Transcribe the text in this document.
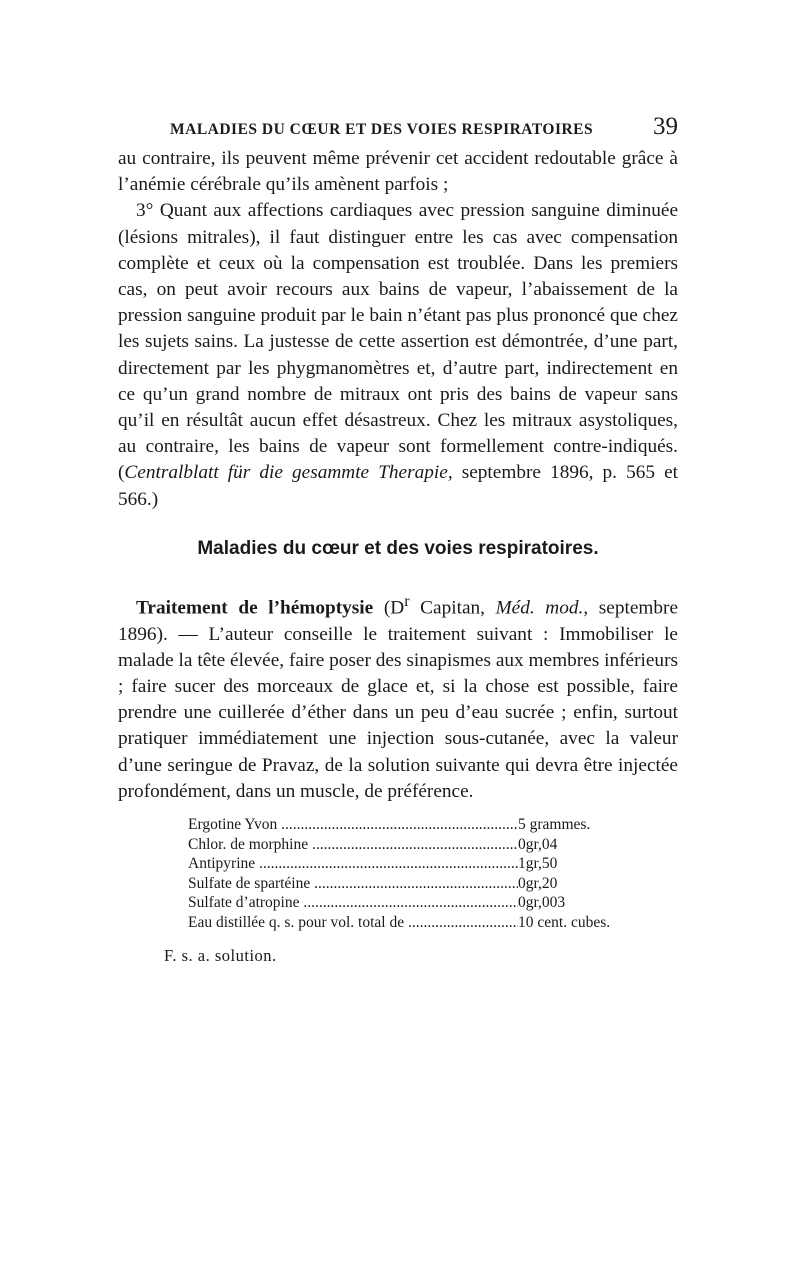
MALADIES DU CŒUR ET DES VOIES RESPIRATOIRES 39

au contraire, ils peuvent même prévenir cet accident redoutable grâce à l’anémie cérébrale qu’ils amènent parfois ;

3° Quant aux affections cardiaques avec pression sanguine diminuée (lésions mitrales), il faut distinguer entre les cas avec compensation complète et ceux où la compensation est troublée. Dans les premiers cas, on peut avoir recours aux bains de vapeur, l’abaissement de la pression sanguine produit par le bain n’étant pas plus prononcé que chez les sujets sains. La justesse de cette assertion est démontrée, d’une part, directement par les phygmanomètres et, d’autre part, indirectement en ce qu’un grand nombre de mitraux ont pris des bains de vapeur sans qu’il en résultât aucun effet désastreux. Chez les mitraux asystoliques, au contraire, les bains de vapeur sont formellement contre-indiqués. (Centralblatt für die gesammte Therapie, septembre 1896, p. 565 et 566.)

Maladies du cœur et des voies respiratoires.

Traitement de l’hémoptysie ($D^r$ Capitan, Méd. mod., septembre 1896). — L’auteur conseille le traitement suivant : Immobiliser le malade la tête élevée, faire poser des sinapismes aux membres inférieurs ; faire sucer des morceaux de glace et, si la chose est possible, faire prendre une cuillerée d’éther dans un peu d’eau sucrée ; enfin, surtout pratiquer immédiatement une injection sous-cutanée, avec la valeur d’une seringue de Pravaz, de la solution suivante qui devra être injectée profondément, dans un muscle, de préférence.

Ergotine Yvon .....	5 grammes.
Chlor. de morphine .....	0gr,04
Antipyrine .....	1gr,50
Sulfate de spartéine .....	0gr,20
Sulfate d’atropine .....	0gr,003
Eau distillée q. s. pour vol. total de .....	10 cent. cubes.
F. s. a. solution.
